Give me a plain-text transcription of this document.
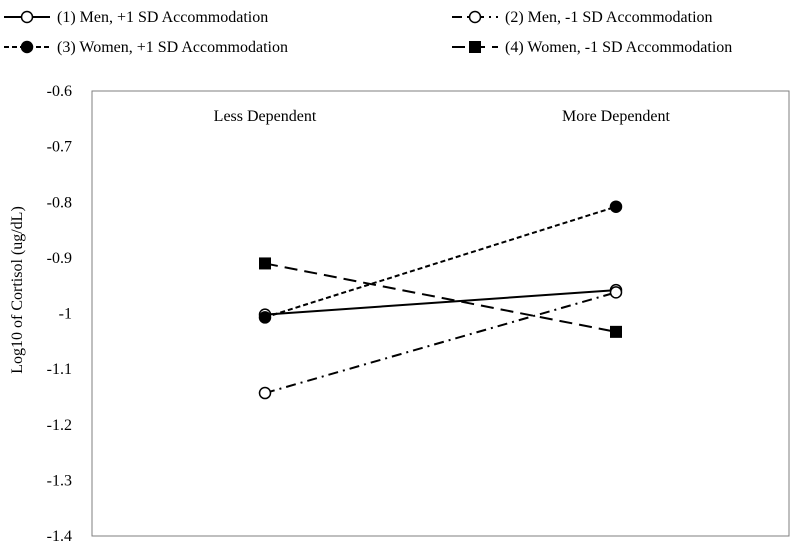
(1) Men, +1 SD Accommodation	(2) Men, -1 SD Accommodation
(3) Women, +1 SD Accommodation	(4) Women, -1 SD Accommodation
Log10 of Cortisol (ug/dL)
-0.6
-0.7
-0.8
-0.9
-1
-1.1
-1.2
-1.3
-1.4
Less Dependent	More Dependent
